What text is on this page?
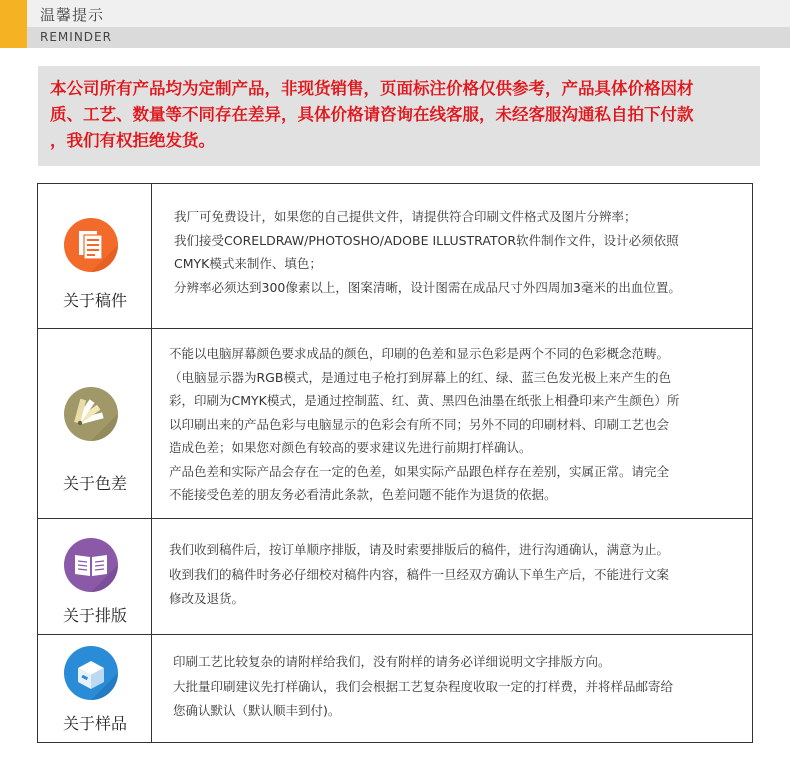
温馨提示
REMINDER
本公司所有产品均为定制产品，非现货销售，页面标注价格仅供参考，产品具体价格因材
质、工艺、数量等不同存在差异，具体价格请咨询在线客服，未经客服沟通私自拍下付款
，我们有权拒绝发货。
关于稿件
我厂可免费设计，如果您的自己提供文件，请提供符合印刷文件格式及图片分辨率；
我们接受CORELDRAW/PHOTOSHO/ADOBE ILLUSTRATOR软件制作文件，设计必须依照
CMYK模式来制作、填色；
分辨率必须达到300像素以上，图案清晰，设计图需在成品尺寸外四周加3毫米的出血位置。
关于色差
不能以电脑屏幕颜色要求成品的颜色，印刷的色差和显示色彩是两个不同的色彩概念范畴。
（电脑显示器为RGB模式，是通过电子枪打到屏幕上的红、绿、蓝三色发光极上来产生的色
彩，印刷为CMYK模式，是通过控制蓝、红、黄、黑四色油墨在纸张上相叠印来产生颜色）所
以印刷出来的产品色彩与电脑显示的色彩会有所不同；另外不同的印刷材料、印刷工艺也会
造成色差；如果您对颜色有较高的要求建议先进行前期打样确认。
产品色差和实际产品会存在一定的色差，如果实际产品跟色样存在差别，实属正常。请完全
不能接受色差的朋友务必看清此条款，色差问题不能作为退货的依据。
关于排版
我们收到稿件后，按订单顺序排版，请及时索要排版后的稿件，进行沟通确认，满意为止。
收到我们的稿件时务必仔细校对稿件内容，稿件一旦经双方确认下单生产后，不能进行文案
修改及退货。
关于样品
印刷工艺比较复杂的请附样给我们，没有附样的请务必详细说明文字排版方向。
大批量印刷建议先打样确认，我们会根据工艺复杂程度收取一定的打样费，并将样品邮寄给
您确认默认（默认顺丰到付)。
